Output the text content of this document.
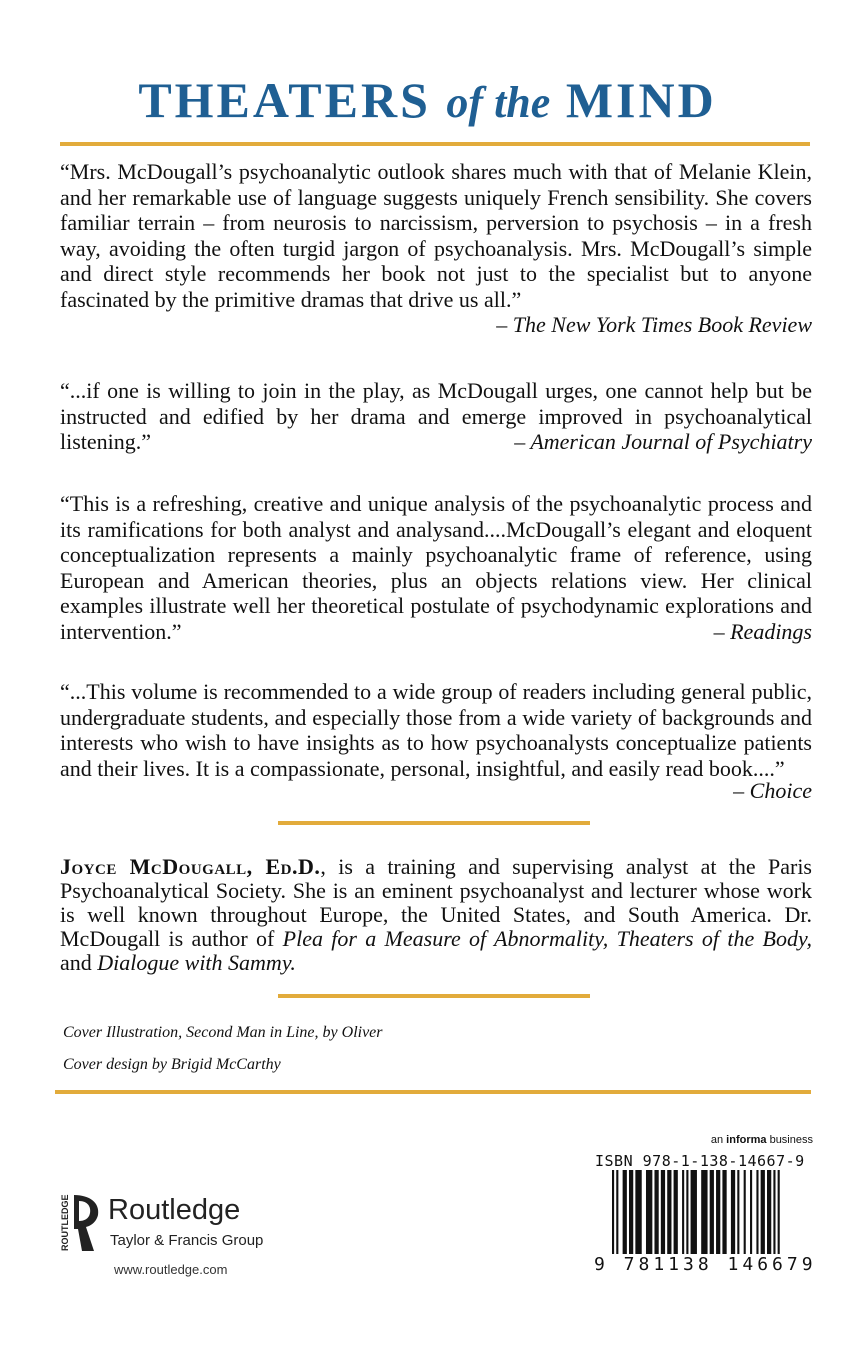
THEATERS of the MIND

“Mrs. McDougall’s psychoanalytic outlook shares much with that of Melanie Klein, and her remarkable use of language suggests uniquely French sensibility. She covers familiar terrain – from neurosis to narcissism, perversion to psychosis – in a fresh way, avoiding the often turgid jargon of psychoanalysis. Mrs. McDougall’s simple and direct style recommends her book not just to the specialist but to anyone fascinated by the primitive dramas that drive us all.”

– The New York Times Book Review

“...if one is willing to join in the play, as McDougall urges, one cannot help but be instructed and edified by her drama and emerge improved in psychoanalytical listening.”	– American Journal of Psychiatry

“This is a refreshing, creative and unique analysis of the psychoanalytic process and its ramifications for both analyst and analysand....McDougall’s elegant and eloquent conceptualization represents a mainly psychoanalytic frame of reference, using European and American theories, plus an objects relations view. Her clinical examples illustrate well her theoretical postulate of psychodynamic explorations and intervention.”	– Readings

“...This volume is recommended to a wide group of readers including general public, undergraduate students, and especially those from a wide variety of backgrounds and interests who wish to have insights as to how psychoanalysts conceptualize patients and their lives. It is a compassionate, personal, insightful, and easily read book....”

– Choice
Joyce McDougall, Ed.D., is a training and supervising analyst at the Paris Psychoanalytical Society. She is an eminent psychoanalyst and lecturer whose work is well known throughout Europe, the United States, and South America. Dr. McDougall is author of Plea for a Measure of Abnormality, Theaters of the Body, and Dialogue with Sammy.
Cover Illustration, Second Man in Line, by Oliver
Cover design by Brigid McCarthy
ROUTLEDGE Routledge
Taylor & Francis Group
www.routledge.com
an informa business
ISBN 978-1-138-14667-9
9 781138 146679
